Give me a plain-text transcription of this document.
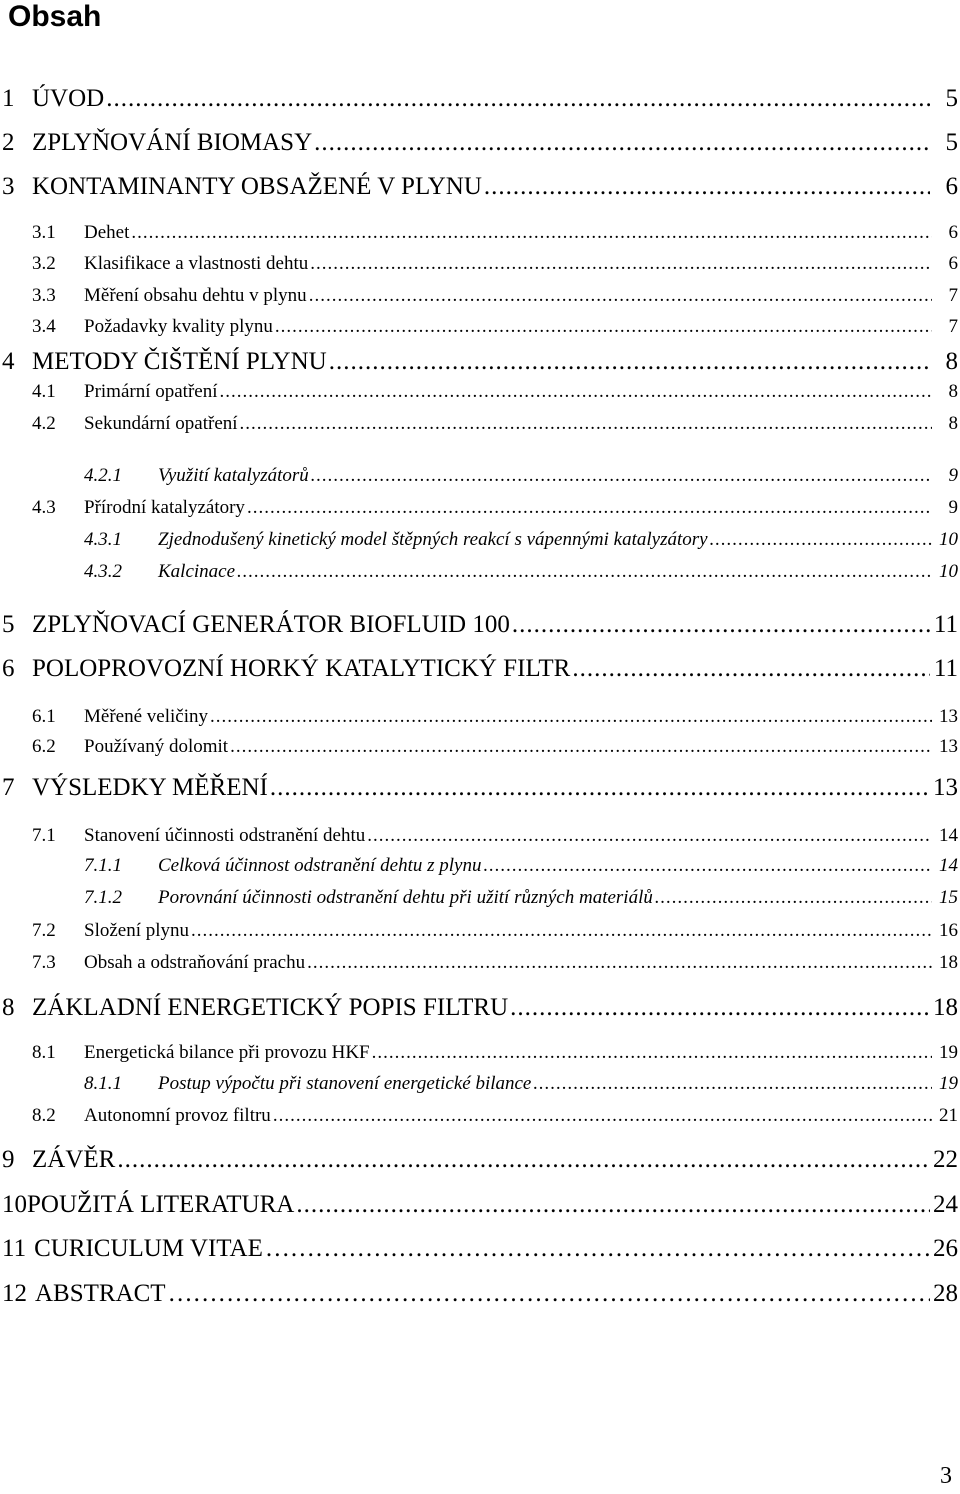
Obsah
1 ÚVOD .....	5
2 ZPLYŇOVÁNÍ BIOMASY .....	5
3 KONTAMINANTY OBSAŽENÉ V PLYNU .....	6
3.1	Dehet .....	6
3.2	Klasifikace a vlastnosti dehtu .....	6
3.3	Měření obsahu dehtu v plynu .....	7
3.4	Požadavky kvality plynu .....	7
4 METODY ČIŠTĚNÍ PLYNU .....	8
4.1	Primární opatření .....	8
4.2	Sekundární opatření .....	8
4.2.1	Využití katalyzátorů .....	9
4.3	Přírodní katalyzátory .....	9
4.3.1	Zjednodušený kinetický model štěpných reakcí s vápennými katalyzátory .....	10
4.3.2	Kalcinace .....	10
5 ZPLYŇOVACÍ GENERÁTOR BIOFLUID 100 .....	11
6 POLOPROVOZNÍ HORKÝ KATALYTICKÝ FILTR .....	11
6.1	Měřené veličiny .....	13
6.2	Používaný dolomit .....	13
7 VÝSLEDKY MĚŘENÍ .....	13
7.1	Stanovení účinnosti odstranění dehtu .....	14
7.1.1	Celková účinnost odstranění dehtu z plynu .....	14
7.1.2	Porovnání účinnosti odstranění dehtu při užití různých materiálů .....	15
7.2	Složení plynu .....	16
7.3	Obsah a odstraňování prachu .....	18
8 ZÁKLADNÍ ENERGETICKÝ POPIS FILTRU .....	18
8.1	Energetická bilance při provozu HKF .....	19
8.1.1	Postup výpočtu při stanovení energetické bilance .....	19
8.2	Autonomní provoz filtru .....	21
9 ZÁVĚR .....	22
10 POUŽITÁ LITERATURA .....	24
11 CURICULUM VITAE ………………………………………………………………………………………………………………………………………………………………………………………	26
12 ABSTRACT ………………………………………………………………………………………………………………………………………………………………………………………	28
3
